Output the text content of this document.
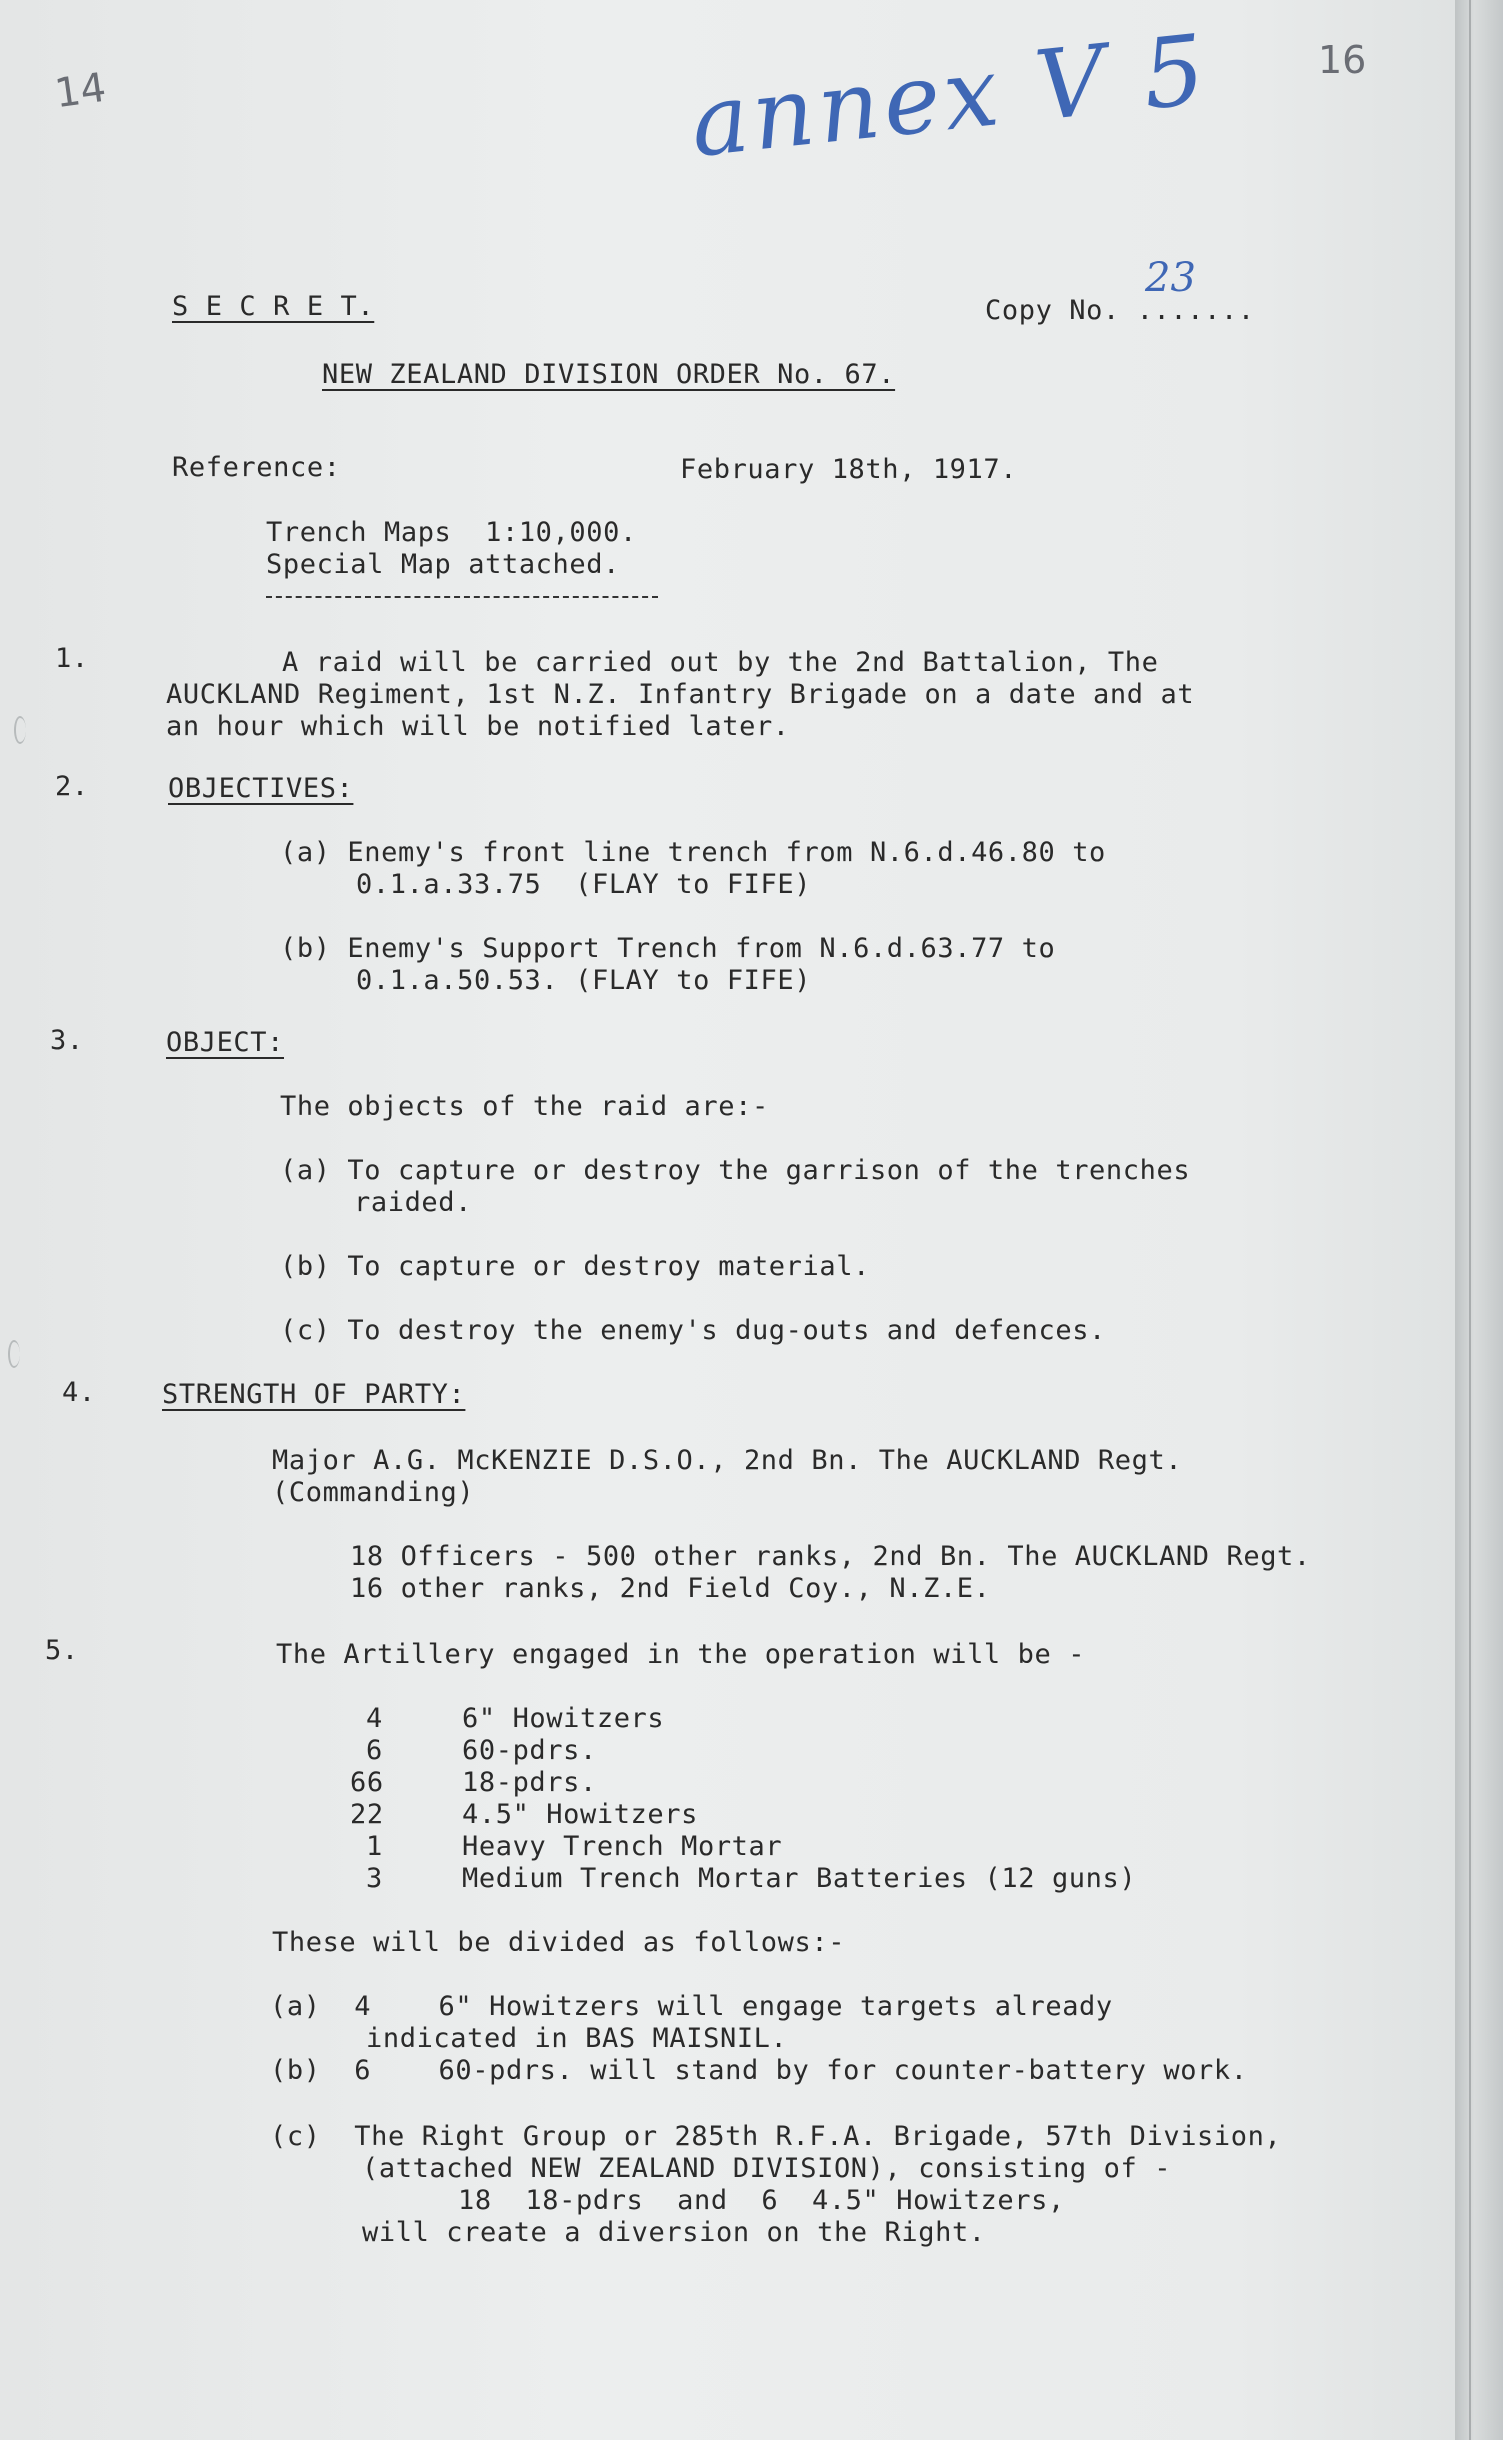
14
16
annex V 5
S E C R E T.	Copy No. .......
23
NEW ZEALAND DIVISION ORDER No. 67.
Reference:	February 18th, 1917.
Trench Maps  1:10,000.
Special Map attached.
1.	A raid will be carried out by the 2nd Battalion, The
AUCKLAND Regiment, 1st N.Z. Infantry Brigade on a date and at
an hour which will be notified later.
2.	OBJECTIVES:
(a) Enemy's front line trench from N.6.d.46.80 to
0.1.a.33.75  (FLAY to FIFE)
(b) Enemy's Support Trench from N.6.d.63.77 to
0.1.a.50.53. (FLAY to FIFE)
3.	OBJECT:
The objects of the raid are:-
(a) To capture or destroy the garrison of the trenches
raided.
(b) To capture or destroy material.
(c) To destroy the enemy's dug-outs and defences.
4. STRENGTH OF PARTY:
Major A.G. McKENZIE D.S.O., 2nd Bn. The AUCKLAND Regt.
(Commanding)
18 Officers - 500 other ranks, 2nd Bn. The AUCKLAND Regt.
16 other ranks, 2nd Field Coy., N.Z.E.
5.	The Artillery engaged in the operation will be -
4	6" Howitzers
6	60-pdrs.
66	18-pdrs.
22	4.5" Howitzers
1	Heavy Trench Mortar
3	Medium Trench Mortar Batteries (12 guns)
These will be divided as follows:-
(a)  4    6" Howitzers will engage targets already
indicated in BAS MAISNIL.
(b)  6    60-pdrs. will stand by for counter-battery work.
(c)  The Right Group or 285th R.F.A. Brigade, 57th Division,
(attached NEW ZEALAND DIVISION), consisting of -
18  18-pdrs  and  6  4.5" Howitzers,
will create a diversion on the Right.
